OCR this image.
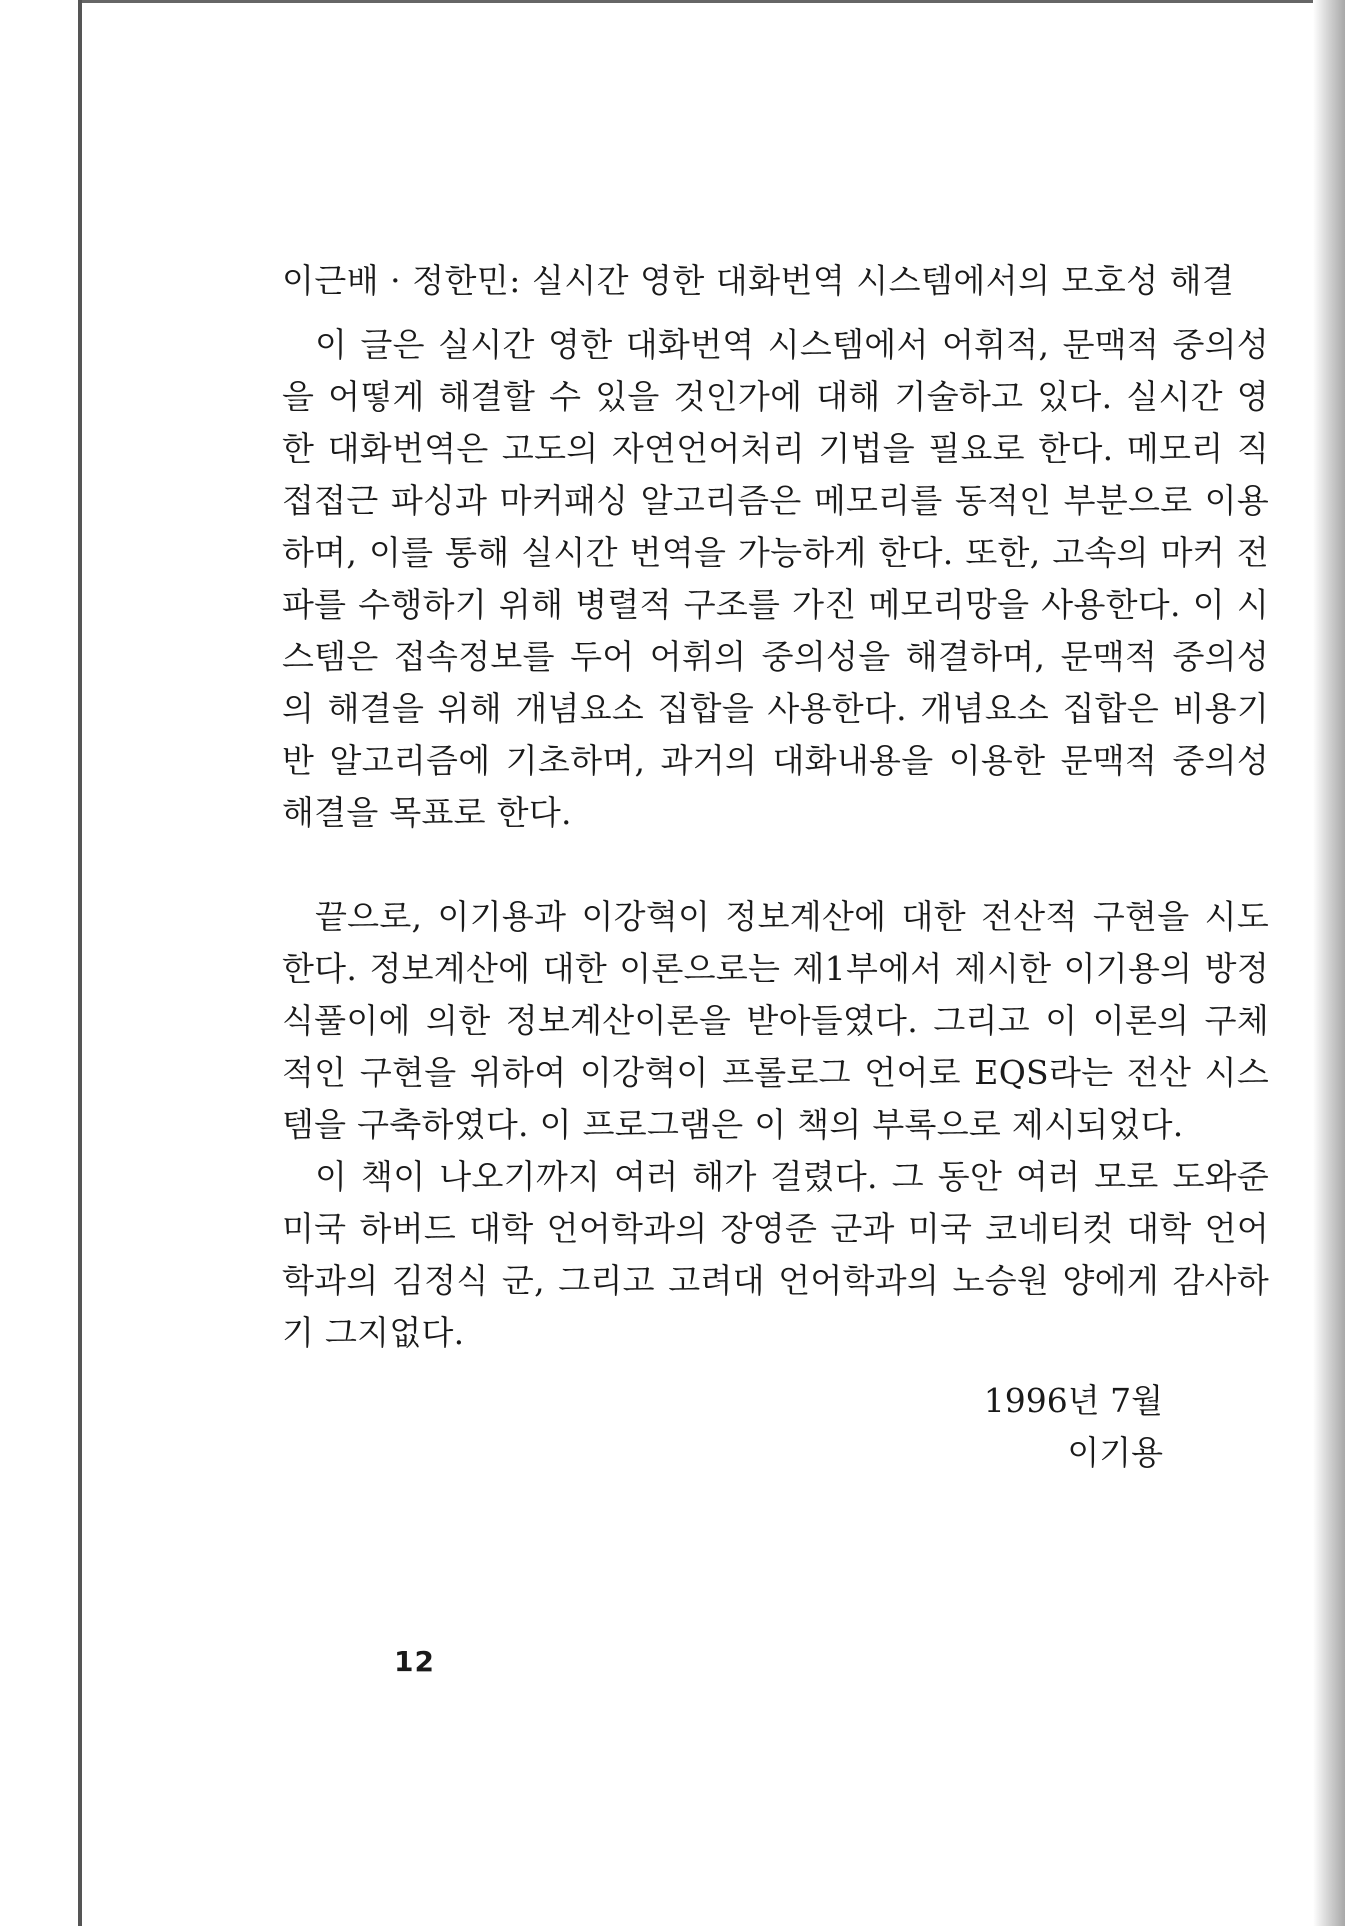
이근배 · 정한민: 실시간 영한 대화번역 시스템에서의 모호성 해결

이 글은 실시간 영한 대화번역 시스템에서 어휘적, 문맥적 중의성을 어떻게 해결할 수 있을 것인가에 대해 기술하고 있다. 실시간 영한 대화번역은 고도의 자연언어처리 기법을 필요로 한다. 메모리 직접접근 파싱과 마커패싱 알고리즘은 메모리를 동적인 부분으로 이용하며, 이를 통해 실시간 번역을 가능하게 한다. 또한, 고속의 마커 전파를 수행하기 위해 병렬적 구조를 가진 메모리망을 사용한다. 이 시스템은 접속정보를 두어 어휘의 중의성을 해결하며, 문맥적 중의성의 해결을 위해 개념요소 집합을 사용한다. 개념요소 집합은 비용기반 알고리즘에 기초하며, 과거의 대화내용을 이용한 문맥적 중의성 해결을 목표로 한다.

끝으로, 이기용과 이강혁이 정보계산에 대한 전산적 구현을 시도한다. 정보계산에 대한 이론으로는 제1부에서 제시한 이기용의 방정식풀이에 의한 정보계산이론을 받아들였다. 그리고 이 이론의 구체적인 구현을 위하여 이강혁이 프롤로그 언어로 EQS라는 전산 시스템을 구축하였다. 이 프로그램은 이 책의 부록으로 제시되었다.

이 책이 나오기까지 여러 해가 걸렸다. 그 동안 여러 모로 도와준 미국 하버드 대학 언어학과의 장영준 군과 미국 코네티컷 대학 언어학과의 김정식 군, 그리고 고려대 언어학과의 노승원 양에게 감사하기 그지없다.

1996년 7월
이기용
12
